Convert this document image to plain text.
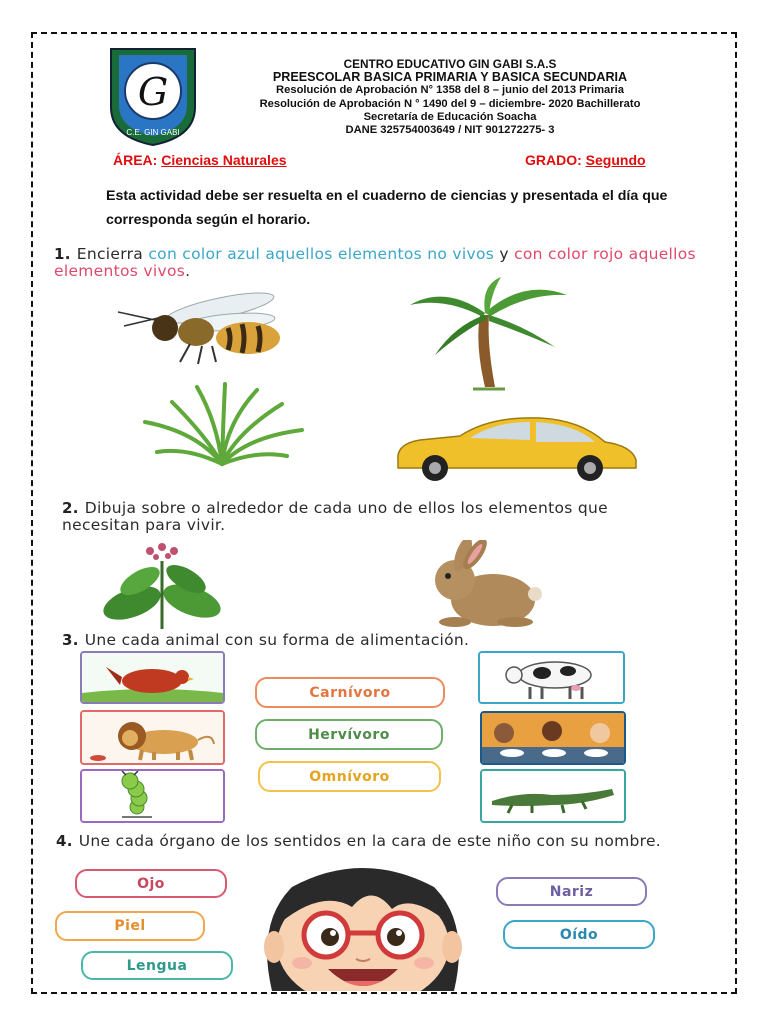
G
C.E. GIN GABI
CENTRO EDUCATIVO GIN GABI S.A.S
PREESCOLAR BASICA PRIMARIA Y BASICA SECUNDARIA
Resolución de Aprobación N° 1358 del 8 – junio del 2013 Primaria
Resolución de Aprobación N ° 1490 del 9 – diciembre- 2020 Bachillerato
Secretaría de Educación Soacha
DANE 325754003649 / NIT 901272275- 3
ÁREA: Ciencias Naturales	GRADO: Segundo
Esta actividad debe ser resuelta en el cuaderno de ciencias y presentada el día que corresponda según el horario.
1. Encierra con color azul aquellos elementos no vivos y con color rojo aquellos elementos vivos.
2. Dibuja sobre o alrededor de cada uno de ellos los elementos que necesitan para vivir.
3. Une cada animal con su forma de alimentación.
Carnívoro
Hervívoro
Omnívoro
4. Une cada órgano de los sentidos en la cara de este niño con su nombre.
Ojo
Piel
Lengua
Nariz
Oído
